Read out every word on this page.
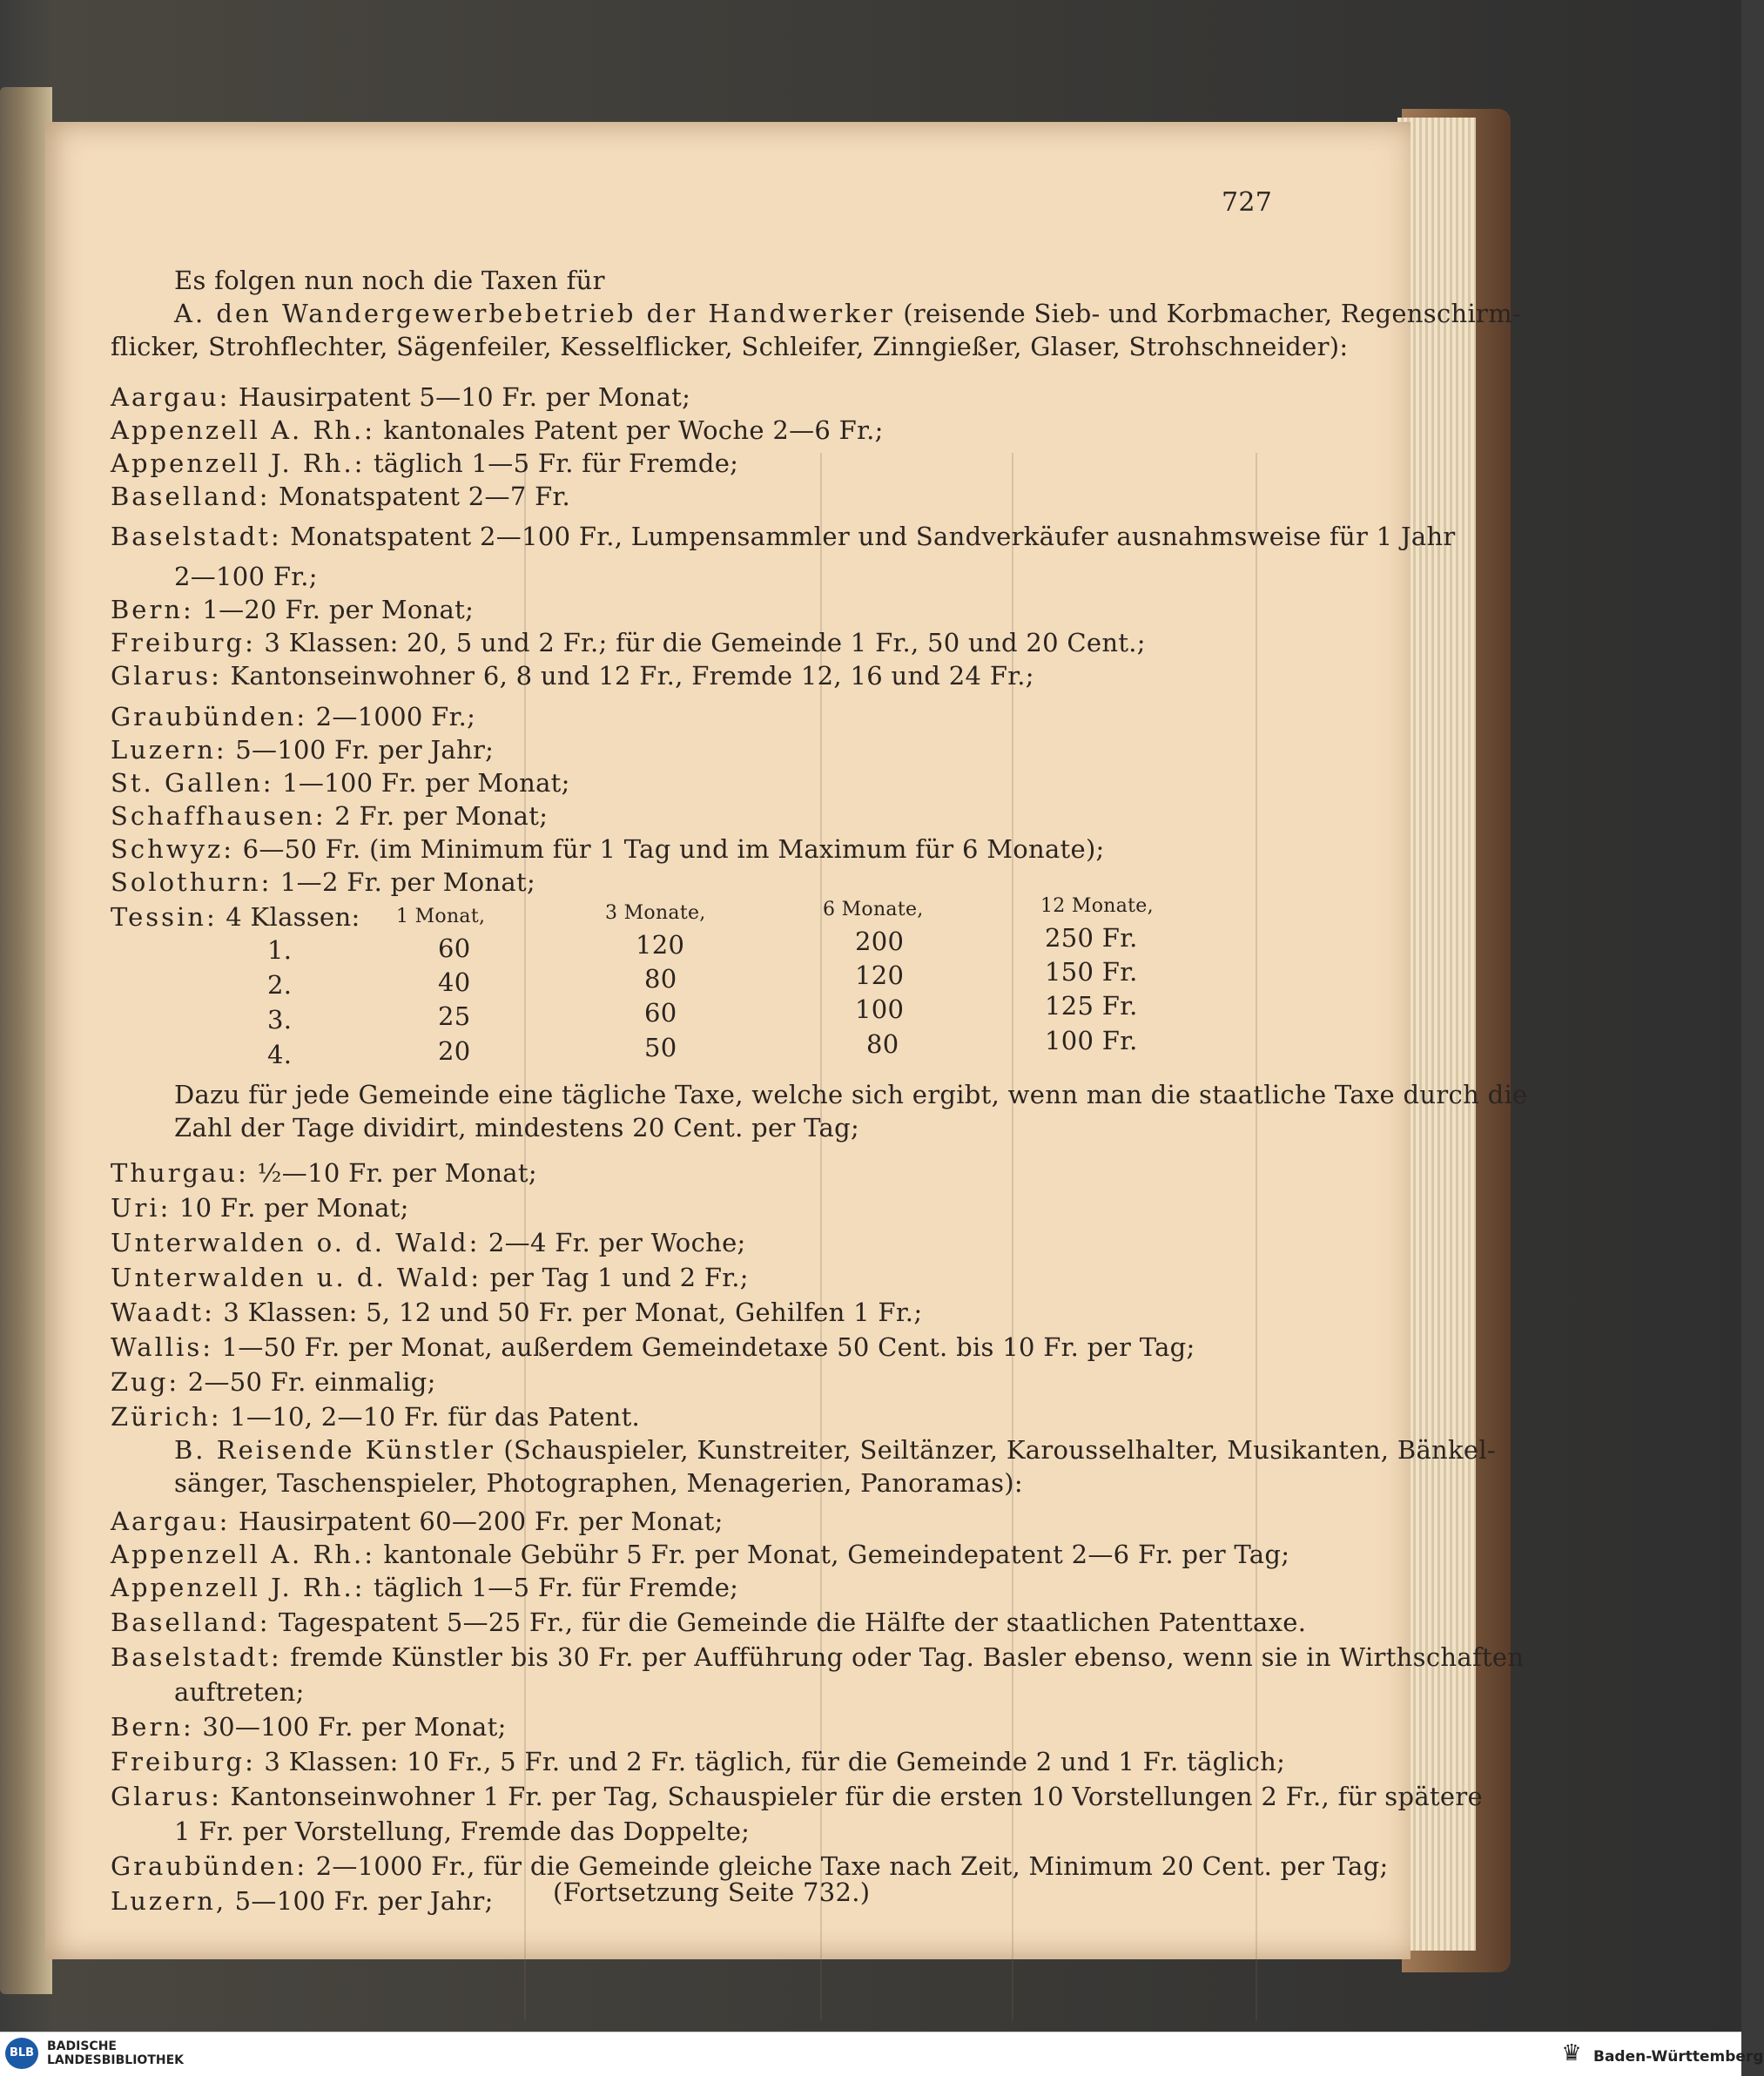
727
Es folgen nun noch die Taxen für
A. den Wandergewerbebetrieb der Handwerker (reisende Sieb- und Korbmacher, Regenschirm-
flicker, Strohflechter, Sägenfeiler, Kesselflicker, Schleifer, Zinngießer, Glaser, Strohschneider):
Aargau: Hausirpatent 5—10 Fr. per Monat;
Appenzell A. Rh.: kantonales Patent per Woche 2—6 Fr.;
Appenzell J. Rh.: täglich 1—5 Fr. für Fremde;
Baselland: Monatspatent 2—7 Fr.
Baselstadt: Monatspatent 2—100 Fr., Lumpensammler und Sandverkäufer ausnahmsweise für 1 Jahr
2—100 Fr.;
Bern: 1—20 Fr. per Monat;
Freiburg: 3 Klassen: 20, 5 und 2 Fr.; für die Gemeinde 1 Fr., 50 und 20 Cent.;
Glarus: Kantonseinwohner 6, 8 und 12 Fr., Fremde 12, 16 und 24 Fr.;
Graubünden: 2—1000 Fr.;
Luzern: 5—100 Fr. per Jahr;
St. Gallen: 1—100 Fr. per Monat;
Schaffhausen: 2 Fr. per Monat;
Schwyz: 6—50 Fr. (im Minimum für 1 Tag und im Maximum für 6 Monate);
Solothurn: 1—2 Fr. per Monat;
Tessin: 4 Klassen: 1 Monat,	3 Monate,	6 Monate,	12 Monate,
1.	60	120	200	250 Fr.
2.	40	80	120	150 Fr.
3.	25	60	100	125 Fr.
4.	20	50	80	100 Fr.
Dazu für jede Gemeinde eine tägliche Taxe, welche sich ergibt, wenn man die staatliche Taxe durch die
Zahl der Tage dividirt, mindestens 20 Cent. per Tag;
Thurgau: ½—10 Fr. per Monat;
Uri: 10 Fr. per Monat;
Unterwalden o. d. Wald: 2—4 Fr. per Woche;
Unterwalden u. d. Wald: per Tag 1 und 2 Fr.;
Waadt: 3 Klassen: 5, 12 und 50 Fr. per Monat, Gehilfen 1 Fr.;
Wallis: 1—50 Fr. per Monat, außerdem Gemeindetaxe 50 Cent. bis 10 Fr. per Tag;
Zug: 2—50 Fr. einmalig;
Zürich: 1—10, 2—10 Fr. für das Patent.
B. Reisende Künstler (Schauspieler, Kunstreiter, Seiltänzer, Karousselhalter, Musikanten, Bänkel-
sänger, Taschenspieler, Photographen, Menagerien, Panoramas):
Aargau: Hausirpatent 60—200 Fr. per Monat;
Appenzell A. Rh.: kantonale Gebühr 5 Fr. per Monat, Gemeindepatent 2—6 Fr. per Tag;
Appenzell J. Rh.: täglich 1—5 Fr. für Fremde;
Baselland: Tagespatent 5—25 Fr., für die Gemeinde die Hälfte der staatlichen Patenttaxe.
Baselstadt: fremde Künstler bis 30 Fr. per Aufführung oder Tag. Basler ebenso, wenn sie in Wirthschaften
auftreten;
Bern: 30—100 Fr. per Monat;
Freiburg: 3 Klassen: 10 Fr., 5 Fr. und 2 Fr. täglich, für die Gemeinde 2 und 1 Fr. täglich;
Glarus: Kantonseinwohner 1 Fr. per Tag, Schauspieler für die ersten 10 Vorstellungen 2 Fr., für spätere
1 Fr. per Vorstellung, Fremde das Doppelte;
Graubünden: 2—1000 Fr., für die Gemeinde gleiche Taxe nach Zeit, Minimum 20 Cent. per Tag;
Luzern, 5—100 Fr. per Jahr; (Fortsetzung Seite 732.)
BLB	BADISCHE
LANDESBIBLIOTHEK	♛ Baden-Württemberg
